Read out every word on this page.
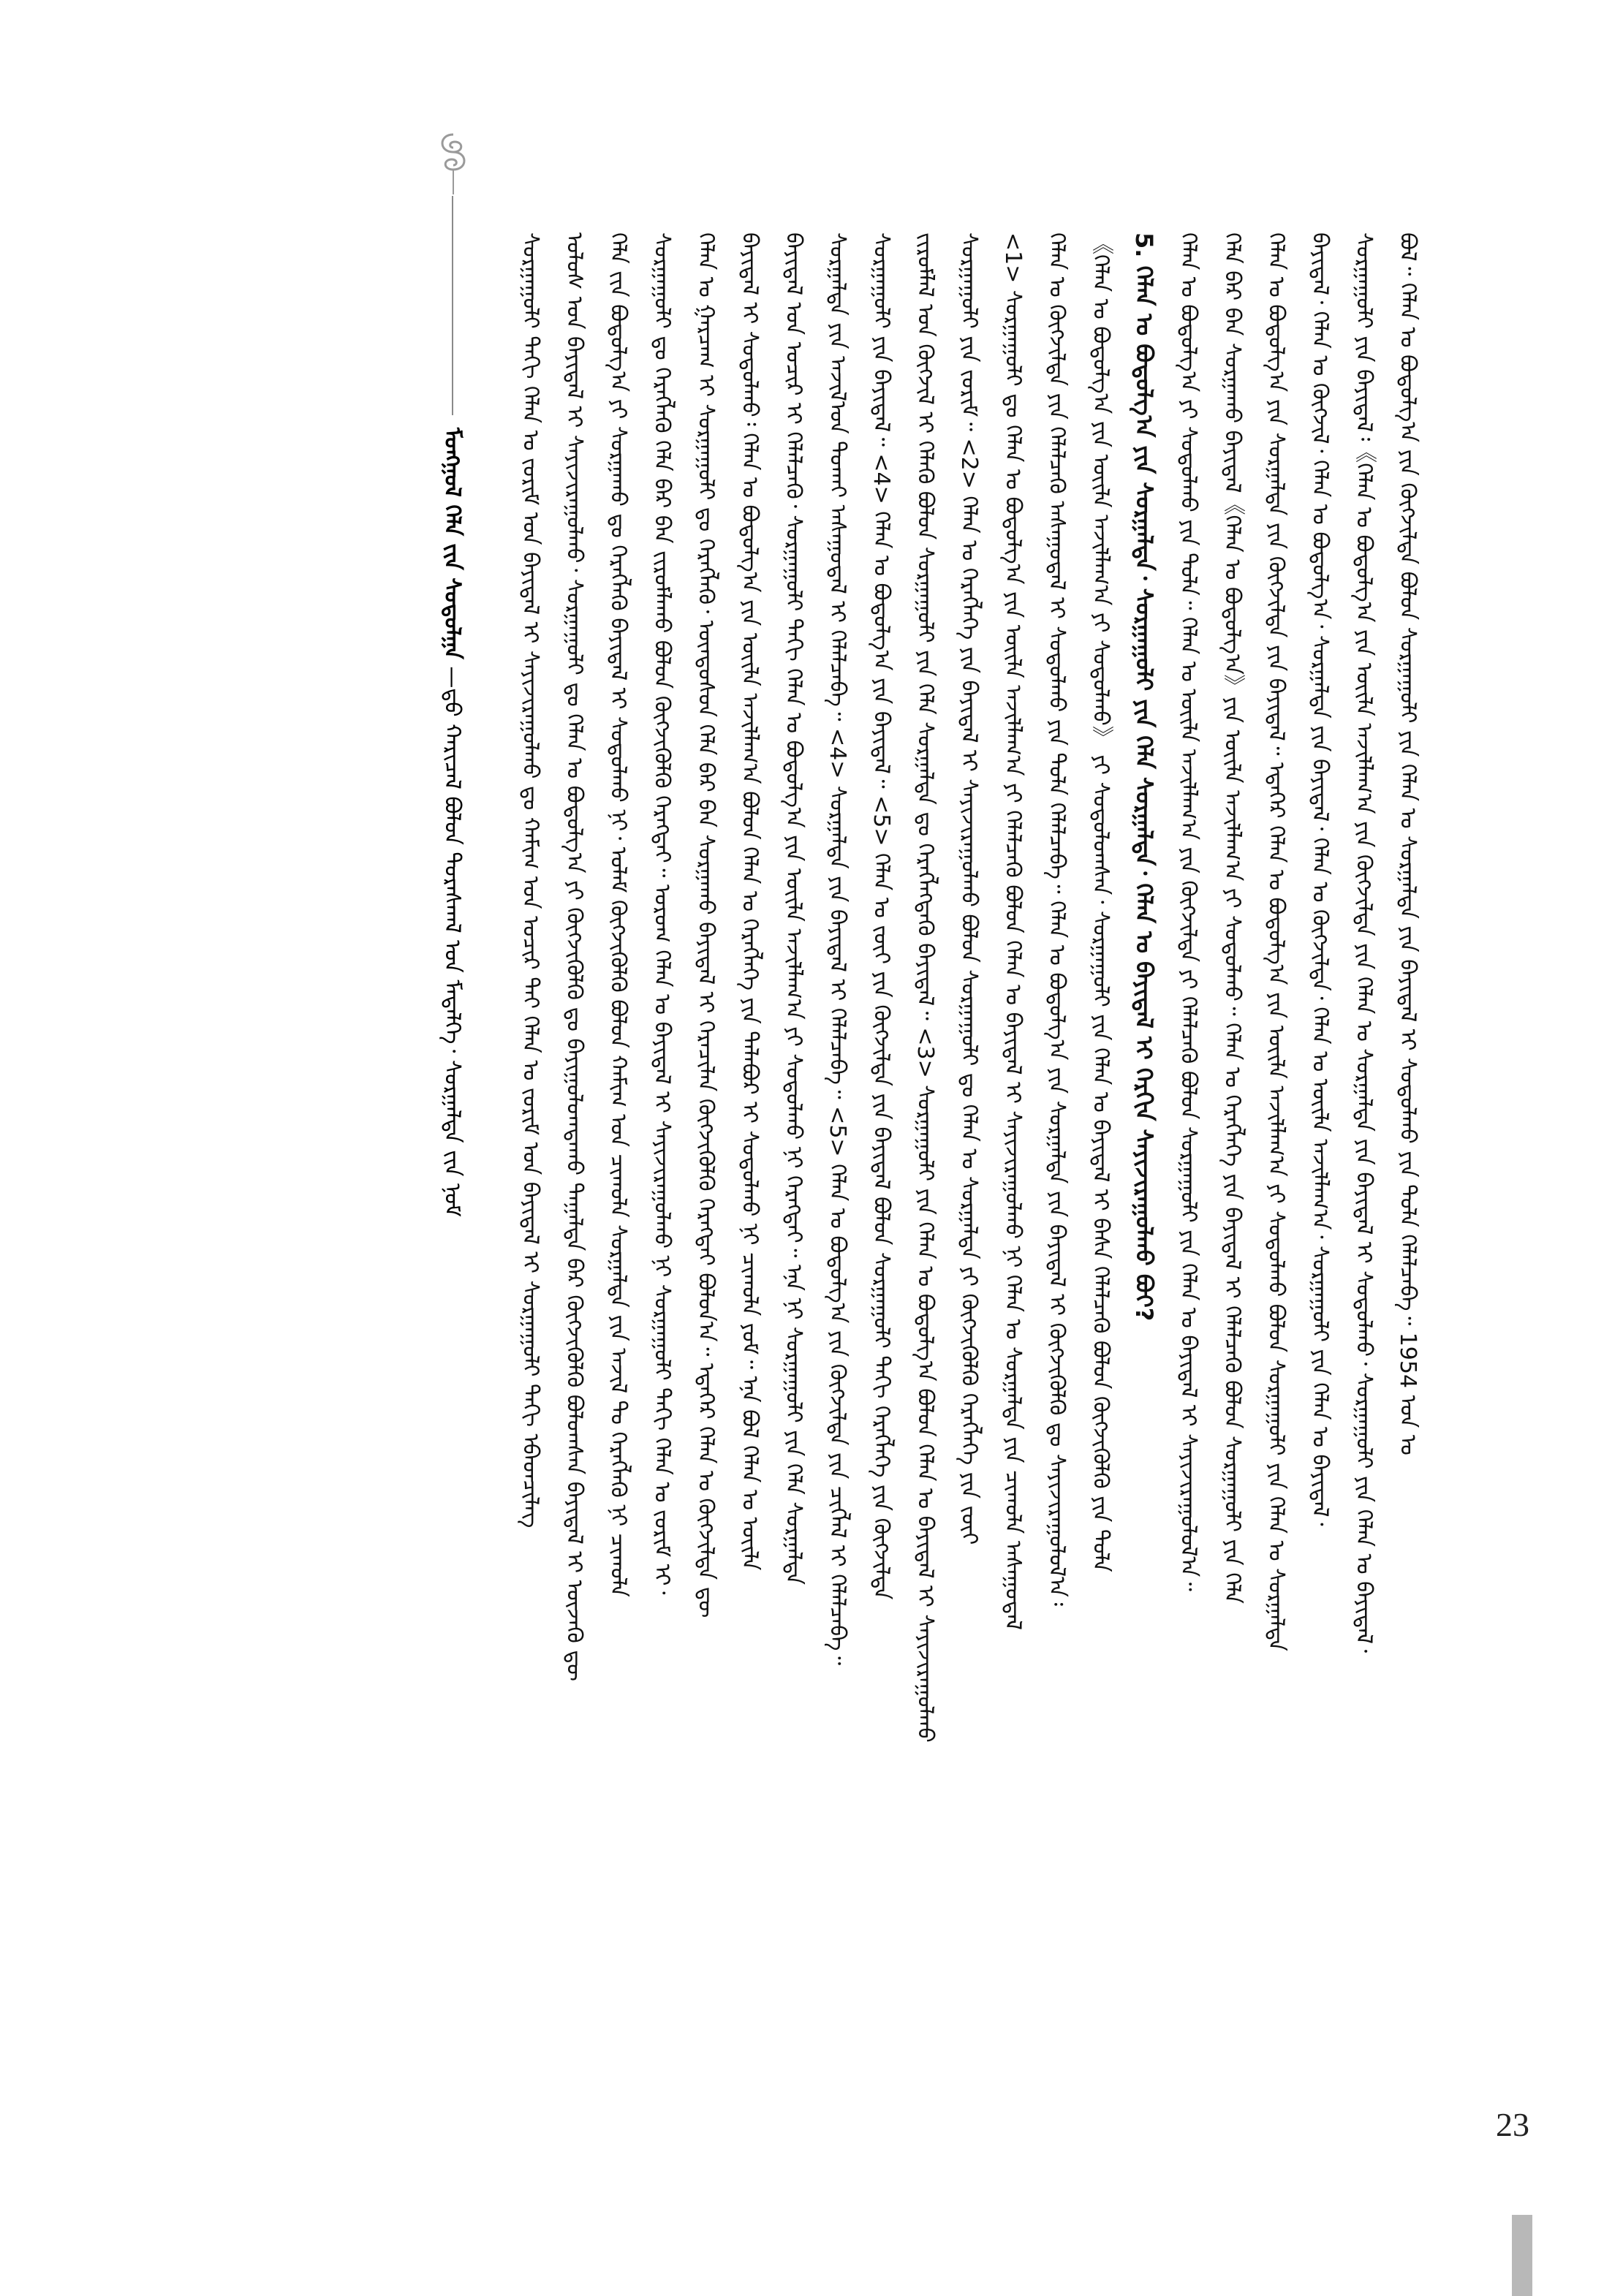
ᠮᠣᠩᠭᠣᠯ ᠬᠡᠯᠡ ᠵᠢᠨ ᠰᠤᠳᠤᠯᠭᠠ —ᠳ᠋ᠤ ᠬᠠᠷᠢᠴᠠᠯ ᠪᠤᠯᠤᠨ ᠳᠤᠷᠠᠰᠬᠠᠯ ᠤᠨ ᠮᠡᠳᠡᠯᠭᠡ᠂ ᠰᠤᠷᠭᠠᠯᠲᠠ ᠵᠢᠨ ᠨᠣᠮ ᠰᠤᠷᠭᠠᠭᠤᠯᠢ ᠳᠠᠬᠢ ᠬᠡᠯᠡᠨ ᠤ ᠵᠤᠷᠢᠮ ᠤᠨ ᠪᠠᠶᠢᠳᠠᠯ ᠢ ᠰᠠᠶᠢᠵᠢᠷᠠᠭᠤᠯᠬᠤ ᠳᠤ ᠬᠠᠮᠢᠭ ᠤᠨ ᠤᠴᠢᠷ ᠲᠠᠢ ᠬᠡᠯᠡᠨ ᠤ ᠵᠤᠷᠢᠮ ᠤᠨ ᠪᠠᠶᠢᠳᠠᠯ ᠢ ᠰᠤᠷᠭᠠᠭᠤᠯᠢ ᠳᠠᠬᠢ ᠡᠪᠡᠳᠴᠢᠯᠡᠭ ᠤᠯᠤᠰ ᠤᠨ ᠪᠠᠶᠢᠳᠠᠯ ᠢ ᠰᠠᠶᠢᠵᠢᠷᠠᠭᠤᠯᠬᠤ᠂ ᠰᠤᠷᠭᠠᠭᠤᠯᠢ ᠳᠤ ᠬᠡᠯᠡᠨ ᠤ ᠪᠣᠳᠤᠯᠭ᠎ᠠ ᠶᠢ ᠬᠥᠭᠵᠢᠭᠦᠯᠬᠦ ᠳᠤ ᠪᠠᠶᠢᠭᠤᠯᠤᠭᠳᠠᠬᠤ ᠳᠠᠭᠠᠯᠳᠠ ᠪᠡᠷ ᠬᠥᠭᠵᠢᠭᠦᠯᠬᠦ ᠪᠤᠯᠤᠭᠰᠠᠨ ᠪᠠᠶᠢᠳᠠᠯ ᠢ ᠦᠵᠡᠬᠦ ᠳᠦ ᠬᠡᠯᠡ ᠵᠢᠨ ᠪᠣᠳᠤᠯᠭ᠎ᠠ ᠶᠢ ᠰᠤᠷᠭᠠᠬᠤ ᠳᠤ ᠬᠡᠷᠡᠭᠯᠡᠬᠦ ᠪᠠᠶᠢᠳᠠᠯ ᠢ ᠰᠤᠳᠤᠯᠬᠤ ᠨᠢ᠂ ᠤᠯᠠᠮ ᠬᠥᠭᠵᠢᠭᠦᠯᠬᠦ ᠪᠤᠯᠤᠨ ᠬᠠᠮᠢᠭ ᠤᠨ ᠴᠢᠬᠤᠯᠠ ᠰᠤᠷᠭᠠᠯᠲᠠ ᠶᠢᠨ ᠠᠵᠢᠯ ᠲᠤ ᠬᠡᠷᠡᠭᠯᠡᠬᠦ ᠨᠢ ᠴᠢᠬᠤᠯᠠ ᠰᠤᠷᠭᠠᠭᠤᠯᠢ ᠳᠤ ᠬᠡᠷᠡᠭᠯᠡᠬᠦ ᠬᠡᠯᠡ ᠪᠡᠷ ᠪᠡᠨ ᠵᠢᠷᠤᠮᠯᠠᠬᠤ ᠪᠤᠯᠤᠨ ᠬᠥᠭᠵᠢᠭᠦᠯᠬᠦ ᠬᠡᠷᠡᠭᠲᠡᠢ᠃ ᠤᠷᠤᠭ ᠬᠡᠯᠡᠨ ᠤ ᠪᠠᠶᠢᠳᠠᠯ ᠢ ᠰᠠᠶᠢᠵᠢᠷᠠᠭᠤᠯᠬᠤ ᠨᠢ ᠰᠤᠷᠭᠠᠭᠤᠯᠢ ᠳᠠᠬᠢ ᠬᠡᠯᠡᠨ ᠤ ᠵᠤᠷᠢᠮ ᠢ᠂ ᠬᠡᠯᠡᠨ ᠤ ᠭᠠᠷᠴᠠᠭ ᠢ ᠰᠤᠷᠭᠠᠭᠤᠯᠢ ᠳᠤ ᠬᠡᠷᠡᠭᠯᠡᠬᠦ᠂ ᠦᠨᠳᠦᠰᠦᠨ ᠬᠡᠯᠡ ᠪᠡᠷ ᠪᠡᠨ ᠰᠤᠷᠭᠠᠬᠤ ᠪᠠᠶᠢᠳᠠᠯ ᠢ ᠭᠡᠷᠡᠴᠢᠯᠡᠨ ᠬᠥᠭᠵᠢᠭᠦᠯᠬᠦ ᠬᠡᠷᠡᠭᠲᠡᠢ ᠪᠣᠯᠤᠨ᠎ᠠ᠃ ᠡᠳᠡᠭᠡᠷ ᠬᠡᠯᠡᠨ ᠤ ᠬᠥᠭᠵᠢᠯᠲᠡ ᠳᠦ ᠪᠠᠶᠢᠳᠠᠯ ᠢ ᠰᠤᠳᠤᠯᠬᠤ᠄ ᠬᠡᠯᠡᠨ ᠤ ᠪᠣᠳᠤᠯᠭ᠎ᠠ ᠶᠢᠨ ᠦᠢᠯᠡ ᠠᠵᠢᠯᠯᠠᠭ᠎ᠠ ᠪᠤᠯᠤᠨ ᠬᠡᠯᠡᠨ ᠤ ᠬᠡᠷᠡᠭᠯᠡᠭᠡ ᠶᠢᠨ ᠲᠠᠯᠠᠪᠤᠷ ᠢ ᠰᠤᠳᠤᠯᠬᠤ ᠨᠢ ᠴᠢᠬᠤᠯᠠ ᠶᠤᠮ᠃ ᠡᠨᠡ ᠪᠣᠯ ᠬᠡᠯᠡᠨ ᠤ ᠦᠢᠯᠡ ᠪᠠᠶᠢᠳᠠᠯ ᠤᠨ ᠤᠴᠢᠷ ᠢ ᠬᠡᠯᠡᠯᠴᠡᠬᠦ᠂ ᠰᠤᠷᠭᠠᠭᠤᠯᠢ ᠳᠠᠬᠢ ᠬᠡᠯᠡᠨ ᠤ ᠪᠣᠳᠤᠯᠭ᠎ᠠ ᠶᠢᠨ ᠦᠢᠯᠡ ᠠᠵᠢᠯᠯᠠᠭ᠎ᠠ ᠶᠢ ᠰᠤᠳᠤᠯᠬᠤ ᠨᠢ ᠬᠡᠷᠡᠭᠲᠡᠢ᠃ ᠡᠨᠡ ᠨᠢ ᠰᠤᠷᠭᠠᠭᠤᠯᠢ ᠶᠢᠨ ᠬᠡᠯᠡ ᠰᠤᠷᠭᠠᠯᠲᠠ ᠰᠤᠷᠭᠠᠯᠲᠠ ᠶᠢᠨ ᠠᠵᠢᠯ᠎ᠤᠨ ᠲᠤᠬᠠᠢ ᠠᠰᠠᠭᠤᠳᠠᠯ ᠢ ᠬᠡᠯᠡᠯᠴᠡᠪᠡ᠃ <4> ᠰᠤᠷᠭᠠᠯᠲᠠ ᠶᠢᠨ ᠪᠠᠶᠢᠳᠠᠯ ᠢ ᠬᠡᠯᠡᠯᠴᠡᠪᠡ᠃ <5> ᠬᠡᠯᠡᠨ ᠤ ᠪᠣᠳᠤᠯᠭ᠎ᠠ ᠶᠢᠨ ᠬᠥᠭᠵᠢᠯᠲᠡ ᠶᠢᠨ ᠴᠢᠭᠯᠡᠯ ᠢ ᠬᠡᠯᠡᠯᠴᠡᠪᠡ᠃ ᠰᠤᠷᠭᠠᠭᠤᠯᠢ ᠶᠢᠨ ᠪᠠᠶᠢᠳᠠᠯ᠃ <4> ᠬᠡᠯᠡᠨ ᠤ ᠪᠣᠳᠤᠯᠭ᠎ᠠ ᠶᠢᠨ ᠪᠠᠶᠢᠳᠠᠯ᠃ <5> ᠬᠡᠯᠡᠨ ᠤ ᠵᠦᠢ ᠶᠢᠨ ᠬᠥᠭᠵᠢᠯᠲᠡ ᠶᠢᠨ ᠪᠠᠶᠢᠳᠠᠯ ᠪᠤᠯᠤᠨ ᠰᠤᠷᠭᠠᠭᠤᠯᠢ ᠳᠠᠬᠢ ᠬᠡᠷᠡᠭᠯᠡᠭᠡ ᠶᠢᠨ ᠬᠥᠭᠵᠢᠯᠲᠡ ᠵᠢᠷᠤᠮᠯᠠᠯ ᠤᠨ ᠬᠥᠭᠵᠢᠯ ᠢ ᠬᠡᠯᠡᠬᠦ ᠪᠤᠯᠤᠨ ᠰᠤᠷᠭᠠᠭᠤᠯᠢ ᠶᠢᠨ ᠬᠡᠯᠡ ᠰᠤᠷᠭᠠᠯᠲᠠ ᠳᠤ ᠬᠡᠷᠡᠭᠯᠡᠭᠳᠡᠬᠦ ᠪᠠᠶᠢᠳᠠᠯ᠃ <3> ᠰᠤᠷᠭᠠᠭᠤᠯᠢ ᠶᠢᠨ ᠬᠡᠯᠡᠨ ᠤ ᠪᠣᠳᠤᠯᠭ᠎ᠠ ᠪᠤᠯᠤᠨ ᠬᠡᠯᠡᠨ ᠤ ᠪᠠᠶᠢᠳᠠᠯ ᠢ ᠰᠠᠶᠢᠵᠢᠷᠠᠭᠤᠯᠬᠤ ᠰᠤᠷᠭᠠᠭᠤᠯᠢ ᠶᠢᠨ ᠵᠤᠷᠢᠮ᠃ <2> ᠬᠡᠯᠡᠨ ᠤ ᠬᠡᠷᠡᠭᠯᠡᠭᠡ ᠶᠢᠨ ᠪᠠᠶᠢᠳᠠᠯ ᠢ ᠰᠠᠶᠢᠵᠢᠷᠠᠭᠤᠯᠬᠤ ᠪᠤᠯᠤᠨ ᠰᠤᠷᠭᠠᠭᠤᠯᠢ ᠳᠤ ᠬᠡᠯᠡᠨ ᠤ ᠰᠤᠷᠭᠠᠯᠲᠠ ᠶᠢ ᠬᠥᠭᠵᠢᠭᠦᠯᠬᠦ ᠬᠡᠷᠡᠭᠯᠡᠭᠡ ᠶᠢᠨ ᠵᠦᠢ <1> ᠰᠤᠷᠭᠠᠭᠤᠯᠢ ᠳᠤ ᠬᠡᠯᠡᠨ ᠤ ᠪᠣᠳᠤᠯᠭ᠎ᠠ ᠶᠢᠨ ᠦᠢᠯᠡ ᠠᠵᠢᠯᠯᠠᠭ᠎ᠠ ᠶᠢ ᠬᠡᠯᠡᠯᠴᠡᠬᠦ ᠪᠤᠯᠤᠨ ᠬᠡᠯᠡᠨ ᠤ ᠪᠠᠶᠢᠳᠠᠯ ᠢ ᠰᠠᠶᠢᠵᠢᠷᠠᠭᠤᠯᠬᠤ ᠨᠢ ᠬᠡᠯᠡᠨ ᠤ ᠰᠤᠷᠭᠠᠯᠲᠠ ᠶᠢᠨ ᠴᠢᠬᠤᠯᠠ ᠠᠰᠠᠭᠤᠳᠠᠯ ᠬᠡᠯᠡᠨ ᠤ ᠬᠥᠭᠵᠢᠯᠲᠡ ᠶᠢᠨ ᠬᠡᠯᠡᠯᠴᠡᠬᠦ ᠠᠰᠠᠭᠤᠳᠠᠯ ᠢ ᠰᠤᠳᠤᠯᠬᠤ ᠶᠢᠨ ᠲᠤᠯᠠ ᠬᠡᠯᠡᠯᠴᠡᠪᠡ᠃ ᠬᠡᠯᠡᠨ ᠤ ᠪᠣᠳᠤᠯᠭ᠎ᠠ ᠶᠢᠨ ᠰᠤᠷᠭᠠᠯᠲᠠ ᠶᠢᠨ ᠪᠠᠶᠢᠳᠠᠯ ᠢ ᠬᠥᠭᠵᠢᠭᠦᠯᠬᠦ ᠳᠤ ᠰᠠᠶᠢᠵᠢᠷᠠᠭᠤᠯᠤᠯ᠎ᠠ᠄ 《ᠬᠡᠯᠡᠨ ᠤ ᠪᠣᠳᠤᠯᠭ᠎ᠠ ᠶᠢᠨ ᠦᠢᠯᠡ ᠠᠵᠢᠯᠯᠠᠭ᠎ᠠ ᠶᠢ ᠰᠤᠳᠤᠯᠬᠤ》 ᠶᠢ ᠰᠤᠳᠤᠯᠤᠭᠰᠠᠨ᠂ ᠰᠤᠷᠭᠠᠭᠤᠯᠢ ᠶᠢᠨ ᠬᠡᠯᠡᠨ ᠤ ᠪᠠᠶᠢᠳᠠᠯ ᠢ ᠪᠠᠰᠠ ᠬᠡᠯᠡᠯᠴᠡᠬᠦ ᠪᠤᠯᠤᠨ ᠬᠥᠭᠵᠢᠭᠦᠯᠬᠦ ᠶᠢᠨ ᠲᠤᠯᠠ 5. ᠬᠡᠯᠡᠨ ᠤ ᠪᠣᠳᠤᠯᠭ᠎ᠠ ᠶᠢᠨ ᠰᠤᠷᠭᠠᠯᠲᠠ᠂ ᠰᠤᠷᠭᠠᠭᠤᠯᠢ ᠶᠢᠨ ᠬᠡᠯᠡ ᠰᠤᠷᠭᠠᠯᠲᠠ᠂ ᠬᠡᠯᠡᠨ ᠤ ᠪᠠᠶᠢᠳᠠᠯ ᠢ ᠬᠡᠷᠬᠢᠨ ᠰᠠᠶᠢᠵᠢᠷᠠᠭᠤᠯᠬᠤ ᠪᠤᠢ? ᠬᠡᠯᠡᠨ ᠤ ᠪᠣᠳᠤᠯᠭ᠎ᠠ ᠶᠢ ᠰᠤᠳᠤᠯᠬᠤ ᠶᠢᠨ ᠲᠤᠯᠠ᠃ ᠬᠡᠯᠡᠨ ᠤ ᠦᠢᠯᠡ ᠠᠵᠢᠯᠯᠠᠭ᠎ᠠ ᠶᠢᠨ ᠬᠥᠭᠵᠢᠯᠲᠡ ᠶᠢ ᠬᠡᠯᠡᠯᠴᠡᠬᠦ ᠪᠤᠯᠤᠨ ᠰᠤᠷᠭᠠᠭᠤᠯᠢ ᠶᠢᠨ ᠬᠡᠯᠡᠨ ᠤ ᠪᠠᠶᠢᠳᠠᠯ ᠢ ᠰᠠᠶᠢᠵᠢᠷᠠᠭᠤᠯᠤᠯ᠎ᠠ᠃ ᠬᠡᠯᠡ ᠪᠡᠷ ᠪᠡᠨ ᠰᠤᠷᠭᠠᠬᠤ ᠪᠠᠶᠢᠳᠠᠯ《ᠬᠡᠯᠡᠨ ᠤ ᠪᠣᠳᠤᠯᠭ᠎ᠠ》ᠶᠢᠨ ᠦᠢᠯᠡ ᠠᠵᠢᠯᠯᠠᠭ᠎ᠠ ᠶᠢ ᠰᠤᠳᠤᠯᠬᠤ᠃ ᠬᠡᠯᠡᠨ ᠤ ᠬᠡᠷᠡᠭᠯᠡᠭᠡ ᠶᠢᠨ ᠪᠠᠶᠢᠳᠠᠯ ᠢ ᠬᠡᠯᠡᠯᠴᠡᠬᠦ ᠪᠤᠯᠤᠨ ᠰᠤᠷᠭᠠᠭᠤᠯᠢ ᠶᠢᠨ ᠬᠡᠯᠡ ᠬᠡᠯᠡᠨ ᠤ ᠪᠣᠳᠤᠯᠭ᠎ᠠ ᠶᠢᠨ ᠰᠤᠷᠭᠠᠯᠲᠠ ᠶᠢᠨ ᠬᠥᠭᠵᠢᠯᠲᠡ ᠶᠢᠨ ᠪᠠᠶᠢᠳᠠᠯ᠃ ᠡᠳᠡᠭᠡᠷ ᠬᠡᠯᠡᠨ ᠤ ᠪᠣᠳᠤᠯᠭ᠎ᠠ ᠶᠢᠨ ᠦᠢᠯᠡ ᠠᠵᠢᠯᠯᠠᠭ᠎ᠠ ᠶᠢ ᠰᠤᠳᠤᠯᠬᠤ ᠪᠤᠯᠤᠨ ᠰᠤᠷᠭᠠᠭᠤᠯᠢ ᠶᠢᠨ ᠬᠡᠯᠡᠨ ᠤ ᠰᠤᠷᠭᠠᠯᠲᠠ ᠪᠠᠶᠢᠳᠠᠯ᠂ ᠬᠡᠯᠡᠨ ᠤ ᠬᠥᠭᠵᠢᠯ᠂ ᠬᠡᠯᠡᠨ ᠤ ᠪᠣᠳᠤᠯᠭ᠎ᠠ᠂ ᠰᠤᠷᠭᠠᠯᠲᠠ ᠶᠢᠨ ᠪᠠᠶᠢᠳᠠᠯ᠂ ᠬᠡᠯᠡᠨ ᠤ ᠬᠥᠭᠵᠢᠯᠲᠡ᠂ ᠬᠡᠯᠡᠨ ᠤ ᠦᠢᠯᠡ ᠠᠵᠢᠯᠯᠠᠭ᠎ᠠ᠂ ᠰᠤᠷᠭᠠᠭᠤᠯᠢ ᠶᠢᠨ ᠬᠡᠯᠡᠨ ᠤ ᠪᠠᠶᠢᠳᠠᠯ᠂ ᠰᠤᠷᠭᠠᠭᠤᠯᠢ ᠶᠢᠨ ᠪᠠᠶᠢᠳᠠᠯ᠄《ᠬᠡᠯᠡᠨ ᠤ ᠪᠣᠳᠤᠯᠭ᠎ᠠ ᠶᠢᠨ ᠦᠢᠯᠡ ᠠᠵᠢᠯᠯᠠᠭ᠎ᠠ ᠶᠢᠨ ᠬᠥᠭᠵᠢᠯᠲᠡ ᠶᠢᠨ ᠬᠡᠯᠡᠨ ᠤ ᠰᠤᠷᠭᠠᠯᠲᠠ ᠶᠢᠨ ᠪᠠᠶᠢᠳᠠᠯ ᠢ ᠰᠤᠳᠤᠯᠬᠤ᠂ ᠰᠤᠷᠭᠠᠭᠤᠯᠢ ᠶᠢᠨ ᠬᠡᠯᠡᠨ ᠤ ᠪᠠᠶᠢᠳᠠᠯ᠂ ᠪᠤᠯ᠃ ᠬᠡᠯᠡᠨ ᠤ ᠪᠣᠳᠤᠯᠭ᠎ᠠ ᠶᠢᠨ ᠬᠥᠭᠵᠢᠯᠲᠡ ᠪᠤᠯᠤᠨ ᠰᠤᠷᠭᠠᠭᠤᠯᠢ ᠶᠢᠨ ᠬᠡᠯᠡᠨ ᠤ ᠰᠤᠷᠭᠠᠯᠲᠠ ᠶᠢᠨ ᠪᠠᠶᠢᠳᠠᠯ ᠢ ᠰᠤᠳᠤᠯᠬᠤ ᠶᠢᠨ ᠲᠤᠯᠠ ᠬᠡᠯᠡᠯᠴᠡᠪᠡ᠃ 1954 ᠣᠨ ᠤ
23
